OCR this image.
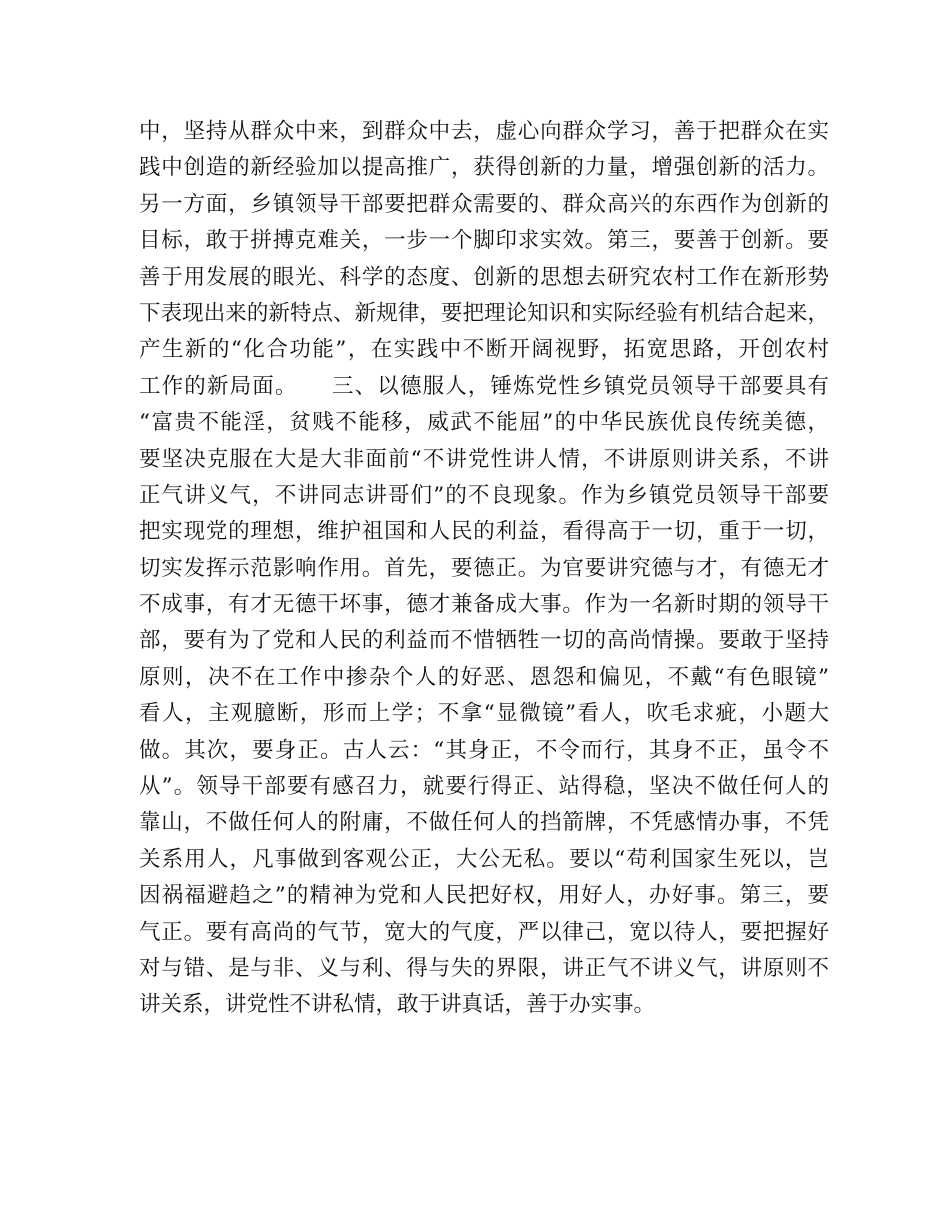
中，坚持从群众中来，到群众中去，虚心向群众学习，善于把群众在实
践中创造的新经验加以提高推广，获得创新的力量，增强创新的活力。
另一方面，乡镇领导干部要把群众需要的、群众高兴的东西作为创新的
目标，敢于拼搏克难关，一步一个脚印求实效。第三，要善于创新。要
善于用发展的眼光、科学的态度、创新的思想去研究农村工作在新形势
下表现出来的新特点、新规律，要把理论知识和实际经验有机结合起来，
产生新的“化合功能”，在实践中不断开阔视野，拓宽思路，开创农村
工作的新局面。　　三、以德服人，锤炼党性乡镇党员领导干部要具有
“富贵不能淫，贫贱不能移，威武不能屈”的中华民族优良传统美德，
要坚决克服在大是大非面前“不讲党性讲人情，不讲原则讲关系，不讲
正气讲义气，不讲同志讲哥们”的不良现象。作为乡镇党员领导干部要
把实现党的理想，维护祖国和人民的利益，看得高于一切，重于一切，
切实发挥示范影响作用。首先，要德正。为官要讲究德与才，有德无才
不成事，有才无德干坏事，德才兼备成大事。作为一名新时期的领导干
部，要有为了党和人民的利益而不惜牺牲一切的高尚情操。要敢于坚持
原则，决不在工作中掺杂个人的好恶、恩怨和偏见，不戴“有色眼镜”
看人，主观臆断，形而上学；不拿“显微镜”看人，吹毛求疵，小题大
做。其次，要身正。古人云：“其身正，不令而行，其身不正，虽令不
从”。领导干部要有感召力，就要行得正、站得稳，坚决不做任何人的
靠山，不做任何人的附庸，不做任何人的挡箭牌，不凭感情办事，不凭
关系用人，凡事做到客观公正，大公无私。要以“苟利国家生死以，岂
因祸福避趋之”的精神为党和人民把好权，用好人，办好事。第三，要
气正。要有高尚的气节，宽大的气度，严以律己，宽以待人，要把握好
对与错、是与非、义与利、得与失的界限，讲正气不讲义气，讲原则不
讲关系，讲党性不讲私情，敢于讲真话，善于办实事。
